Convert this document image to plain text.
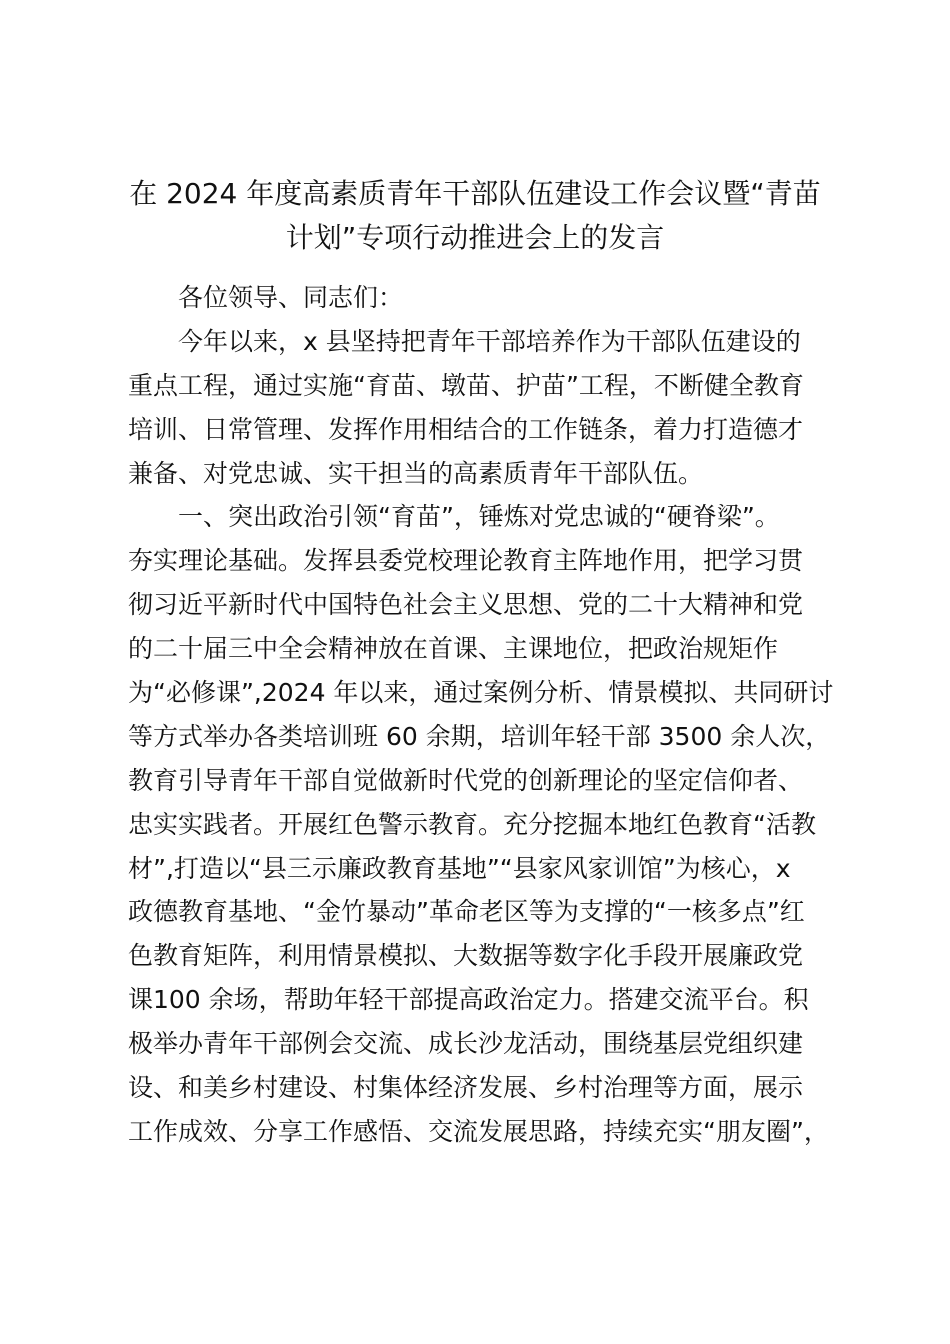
在 2024 年度高素质青年干部队伍建设工作会议暨“青苗
计划”专项行动推进会上的发言
各位领导、同志们：
今年以来，x 县坚持把青年干部培养作为干部队伍建设的
重点工程，通过实施“育苗、墩苗、护苗”工程，不断健全教育
培训、日常管理、发挥作用相结合的工作链条，着力打造德才
兼备、对党忠诚、实干担当的高素质青年干部队伍。
一、突出政治引领“育苗”，锤炼对党忠诚的“硬脊梁”。
夯实理论基础。发挥县委党校理论教育主阵地作用，把学习贯
彻习近平新时代中国特色社会主义思想、党的二十大精神和党
的二十届三中全会精神放在首课、主课地位，把政治规矩作
为“必修课”,2024 年以来，通过案例分析、情景模拟、共同研讨
等方式举办各类培训班 60 余期，培训年轻干部 3500 余人次，
教育引导青年干部自觉做新时代党的创新理论的坚定信仰者、
忠实实践者。开展红色警示教育。充分挖掘本地红色教育“活教
材”,打造以“县三示廉政教育基地”“县家风家训馆”为核心，x
政德教育基地、“金竹暴动”革命老区等为支撑的“一核多点”红
色教育矩阵，利用情景模拟、大数据等数字化手段开展廉政党
课100 余场，帮助年轻干部提高政治定力。搭建交流平台。积
极举办青年干部例会交流、成长沙龙活动，围绕基层党组织建
设、和美乡村建设、村集体经济发展、乡村治理等方面，展示
工作成效、分享工作感悟、交流发展思路，持续充实“朋友圈”，
